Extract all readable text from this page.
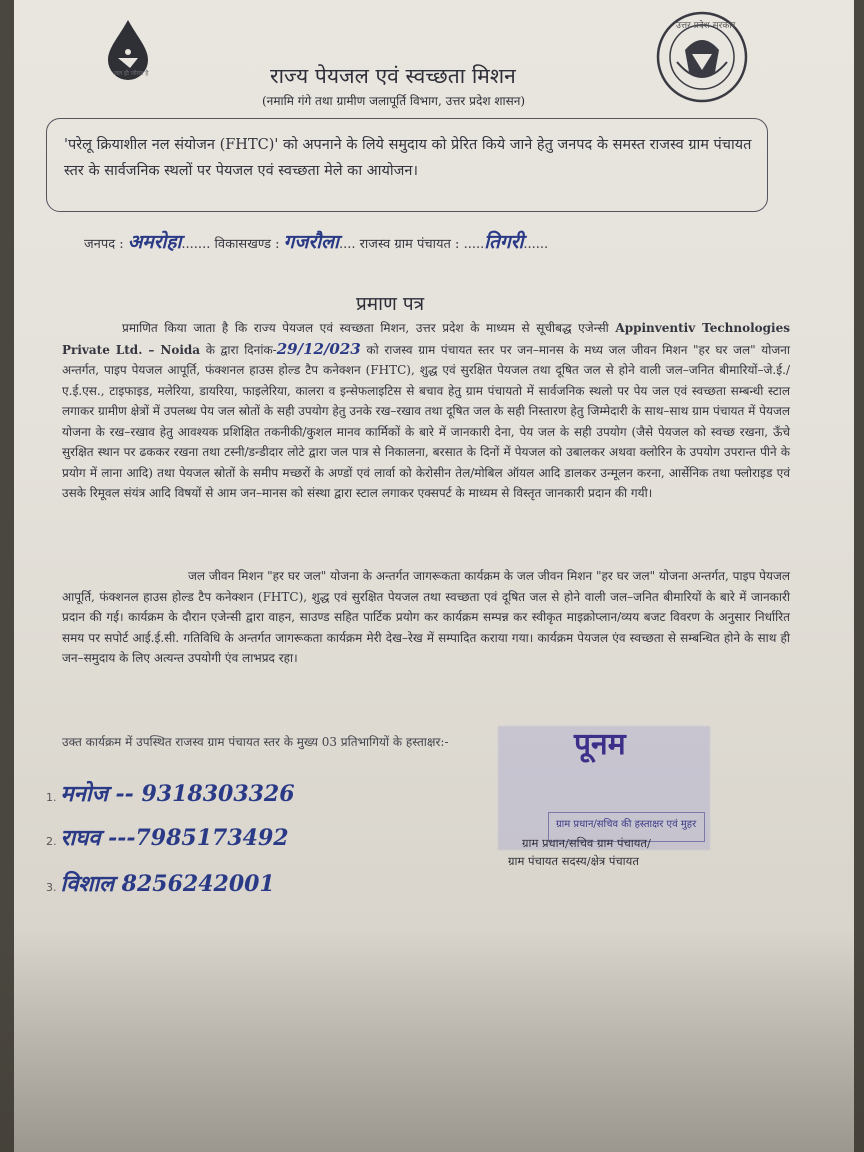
जल ही जीवन है
उत्तर प्रदेश सरकार
राज्य पेयजल एवं स्वच्छता मिशन
(नमामि गंगे तथा ग्रामीण जलापूर्ति विभाग, उत्तर प्रदेश शासन)
'परेलू क्रियाशील नल संयोजन (FHTC)' को अपनाने के लिये समुदाय को प्रेरित किये जाने हेतु जनपद के समस्त राजस्व ग्राम पंचायत स्तर के सार्वजनिक स्थलों पर पेयजल एवं स्वच्छता मेले का आयोजन।
जनपद : अमरोहा....... विकासखण्ड : गजरौला.... राजस्व ग्राम पंचायत : .....तिगरी......
प्रमाण पत्र
प्रमाणित किया जाता है कि राज्य पेयजल एवं स्वच्छता मिशन, उत्तर प्रदेश के माध्यम से सूचीबद्ध एजेन्सी Appinventiv Technologies Private Ltd. – Noida के द्वारा दिनांक-29/12/023 को राजस्व ग्राम पंचायत स्तर पर जन–मानस के मध्य जल जीवन मिशन "हर घर जल" योजना अन्तर्गत, पाइप पेयजल आपूर्ति, फंक्शनल हाउस होल्ड टैप कनेक्शन (FHTC), शुद्ध एवं सुरक्षित पेयजल तथा दूषित जल से होने वाली जल–जनित बीमारियों–जे.ई./ए.ई.एस., टाइफाइड, मलेरिया, डायरिया, फाइलेरिया, कालरा व इन्सेफलाइटिस से बचाव हेतु ग्राम पंचायतो में सार्वजनिक स्थलो पर पेय जल एवं स्वच्छता सम्बन्धी स्टाल लगाकर ग्रामीण क्षेत्रों में उपलब्ध पेय जल स्रोतों के सही उपयोग हेतु उनके रख–रखाव तथा दूषित जल के सही निस्तारण हेतु जिम्मेदारी के साथ–साथ ग्राम पंचायत में पेयजल योजना के रख–रखाव हेतु आवश्यक प्रशिक्षित तकनीकी/कुशल मानव कार्मिकों के बारे में जानकारी देना, पेय जल के सही उपयोग (जैसे पेयजल को स्वच्छ रखना, ऊँचे सुरक्षित स्थान पर ढककर रखना तथा टस्नी/डन्डीदार लोटे द्वारा जल पात्र से निकालना, बरसात के दिनों में पेयजल को उबालकर अथवा क्लोरिन के उपयोग उपरान्त पीने के प्रयोग में लाना आदि) तथा पेयजल स्रोतों के समीप मच्छरों के अण्डों एवं लार्वा को केरोसीन तेल/मोबिल ऑयल आदि डालकर उन्मूलन करना, आर्सेनिक तथा फ्लोराइड एवं उसके रिमूवल संयंत्र आदि विषयों से आम जन–मानस को संस्था द्वारा स्टाल लगाकर एक्सपर्ट के माध्यम से विस्तृत जानकारी प्रदान की गयी।
जल जीवन मिशन "हर घर जल" योजना के अन्तर्गत जागरूकता कार्यक्रम के जल जीवन मिशन "हर घर जल" योजना अन्तर्गत, पाइप पेयजल आपूर्ति, फंक्शनल हाउस होल्ड टैप कनेक्शन (FHTC), शुद्ध एवं सुरक्षित पेयजल तथा स्वच्छता एवं दूषित जल से होने वाली जल–जनित बीमारियों के बारे में जानकारी प्रदान की गई। कार्यक्रम के दौरान एजेन्सी द्वारा वाहन, साउण्ड सहित पार्टिक प्रयोग कर कार्यक्रम सम्पन्न कर स्वीकृत माइक्रोप्लान/व्यय बजट विवरण के अनुसार निर्धारित समय पर सपोर्ट आई.ई.सी. गतिविधि के अन्तर्गत जागरूकता कार्यक्रम मेरी देख–रेख में सम्पादित कराया गया। कार्यक्रम पेयजल एंव स्वच्छता से सम्बन्धित होने के साथ ही जन–समुदाय के लिए अत्यन्त उपयोगी एंव लाभप्रद रहा।
उक्त कार्यक्रम में उपस्थित राजस्व ग्राम पंचायत स्तर के मुख्य 03 प्रतिभागियों के हस्ताक्षर:-
1. मनोज -- 9318303326
2. राघव ---7985173492
3. विशाल 8256242001
पूनम
ग्राम प्रधान/सचिव की हस्ताक्षर एवं मुहर
ग्राम प्रधान/सचिव ग्राम पंचायत/
ग्राम पंचायत सदस्य/क्षेत्र पंचायत
